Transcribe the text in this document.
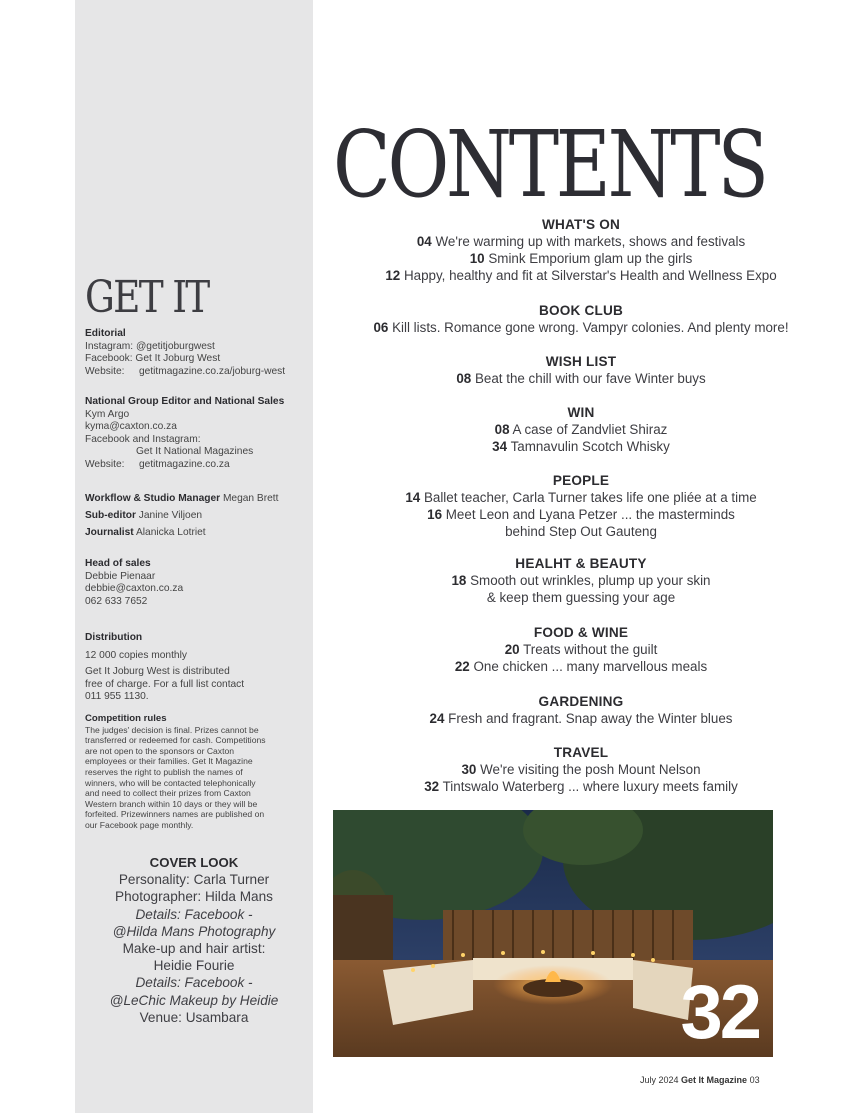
GET IT
Editorial
Instagram: @getitjoburgwest
Facebook: Get It Joburg West
Website: getitmagazine.co.za/joburg-west
National Group Editor and National Sales
Kym Argo
kyma@caxton.co.za
Facebook and Instagram:
Get It National Magazines
Website: getitmagazine.co.za
Workflow & Studio Manager Megan Brett
Sub-editor Janine Viljoen
Journalist Alanicka Lotriet
Head of sales
Debbie Pienaar
debbie@caxton.co.za
062 633 7652
Distribution
12 000 copies monthly
Get It Joburg West is distributed
free of charge. For a full list contact
011 955 1130.
Competition rules
The judges' decision is final. Prizes cannot be
transferred or redeemed for cash. Competitions
are not open to the sponsors or Caxton
employees or their families. Get It Magazine
reserves the right to publish the names of
winners, who will be contacted telephonically
and need to collect their prizes from Caxton
Western branch within 10 days or they will be
forfeited. Prizewinners names are published on
our Facebook page monthly.
COVER LOOK
Personality: Carla Turner
Photographer: Hilda Mans
Details: Facebook -
@Hilda Mans Photography
Make-up and hair artist:
Heidie Fourie
Details: Facebook -
@LeChic Makeup by Heidie
Venue: Usambara
CONTENTS
WHAT'S ON
04 We're warming up with markets, shows and festivals
10 Smink Emporium glam up the girls
12 Happy, healthy and fit at Silverstar's Health and Wellness Expo
BOOK CLUB
06 Kill lists. Romance gone wrong. Vampyr colonies. And plenty more!
WISH LIST
08 Beat the chill with our fave Winter buys
WIN
08 A case of Zandvliet Shiraz
34 Tamnavulin Scotch Whisky
PEOPLE
14 Ballet teacher, Carla Turner takes life one pliée at a time
16 Meet Leon and Lyana Petzer ... the masterminds
behind Step Out Gauteng
HEALHT & BEAUTY
18 Smooth out wrinkles, plump up your skin
& keep them guessing your age
FOOD & WINE
20 Treats without the guilt
22 One chicken ... many marvellous meals
GARDENING
24 Fresh and fragrant. Snap away the Winter blues
TRAVEL
30 We're visiting the posh Mount Nelson
32 Tintswalo Waterberg ... where luxury meets family
32
July 2024 Get It Magazine 03
